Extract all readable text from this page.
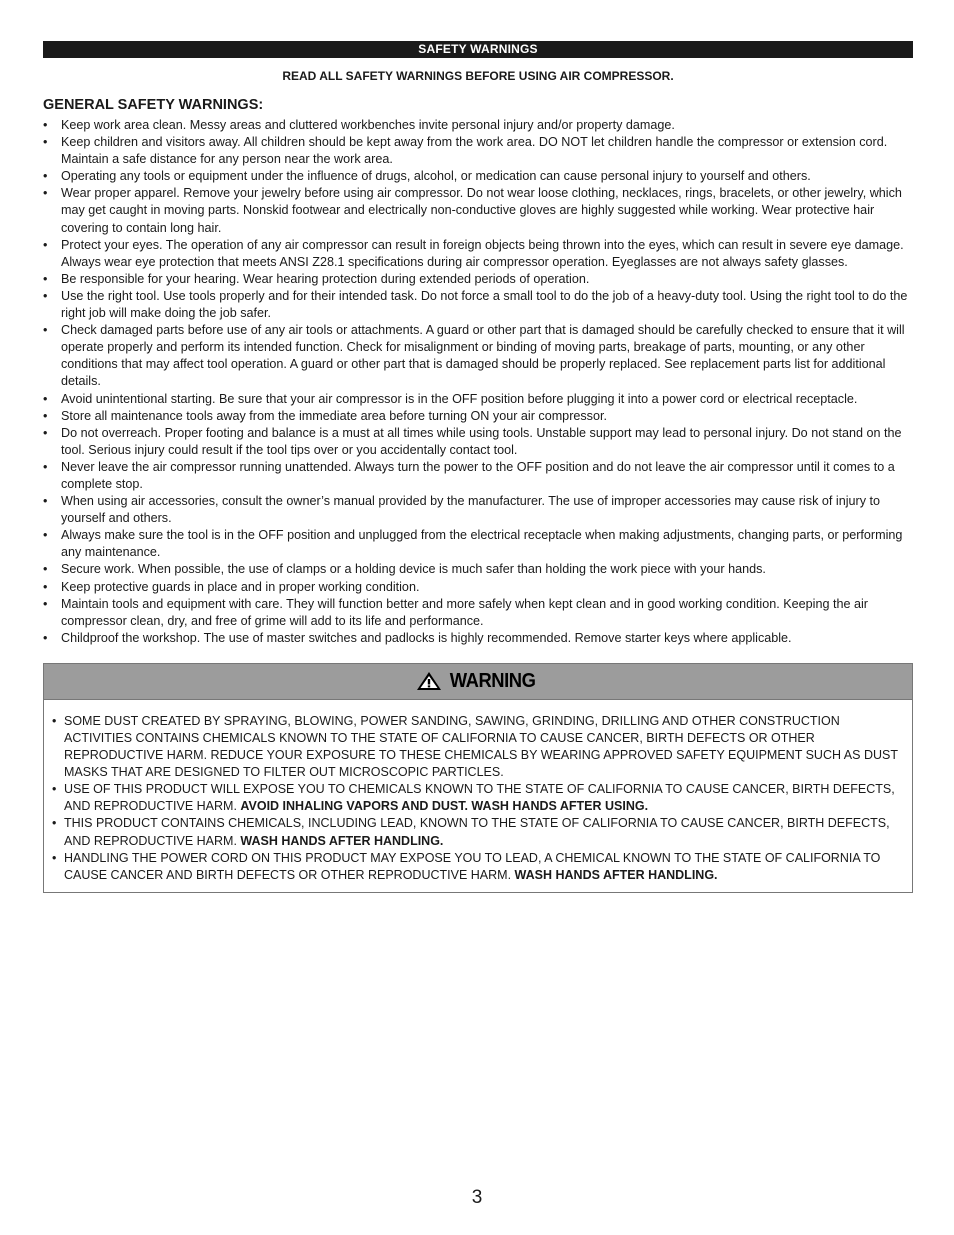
SAFETY WARNINGS
READ ALL SAFETY WARNINGS BEFORE USING AIR COMPRESSOR.
GENERAL SAFETY WARNINGS:
• Keep work area clean. Messy areas and cluttered workbenches invite personal injury and/or property damage.
• Keep children and visitors away. All children should be kept away from the work area. DO NOT let children handle the compressor or extension cord. Maintain a safe distance for any person near the work area.
• Operating any tools or equipment under the influence of drugs, alcohol, or medication can cause personal injury to yourself and others.
• Wear proper apparel. Remove your jewelry before using air compressor. Do not wear loose clothing, necklaces, rings, bracelets, or other jewelry, which may get caught in moving parts. Nonskid footwear and electrically non-conductive gloves are highly suggested while working. Wear protective hair covering to contain long hair.
• Protect your eyes. The operation of any air compressor can result in foreign objects being thrown into the eyes, which can result in severe eye damage. Always wear eye protection that meets ANSI Z28.1 specifications during air compressor operation. Eyeglasses are not always safety glasses.
• Be responsible for your hearing. Wear hearing protection during extended periods of operation.
• Use the right tool. Use tools properly and for their intended task. Do not force a small tool to do the job of a heavy-duty tool. Using the right tool to do the right job will make doing the job safer.
• Check damaged parts before use of any air tools or attachments. A guard or other part that is damaged should be carefully checked to ensure that it will operate properly and perform its intended function. Check for misalignment or binding of moving parts, breakage of parts, mounting, or any other conditions that may affect tool operation. A guard or other part that is damaged should be properly replaced. See replacement parts list for additional details.
• Avoid unintentional starting. Be sure that your air compressor is in the OFF position before plugging it into a power cord or electrical receptacle.
• Store all maintenance tools away from the immediate area before turning ON your air compressor.
• Do not overreach. Proper footing and balance is a must at all times while using tools. Unstable support may lead to personal injury. Do not stand on the tool. Serious injury could result if the tool tips over or you accidentally contact tool.
• Never leave the air compressor running unattended. Always turn the power to the OFF position and do not leave the air compressor until it comes to a complete stop.
• When using air accessories, consult the owner’s manual provided by the manufacturer. The use of improper accessories may cause risk of injury to yourself and others.
• Always make sure the tool is in the OFF position and unplugged from the electrical receptacle when making adjustments, changing parts, or performing any maintenance.
• Secure work. When possible, the use of clamps or a holding device is much safer than holding the work piece with your hands.
• Keep protective guards in place and in proper working condition.
• Maintain tools and equipment with care. They will function better and more safely when kept clean and in good working condition. Keeping the air compressor clean, dry, and free of grime will add to its life and performance.
• Childproof the workshop. The use of master switches and padlocks is highly recommended. Remove starter keys where applicable.
WARNING
• SOME DUST CREATED BY SPRAYING, BLOWING, POWER SANDING, SAWING, GRINDING, DRILLING AND OTHER CONSTRUCTION ACTIVITIES CONTAINS CHEMICALS KNOWN TO THE STATE OF CALIFORNIA TO CAUSE CANCER, BIRTH DEFECTS OR OTHER REPRODUCTIVE HARM. REDUCE YOUR EXPOSURE TO THESE CHEMICALS BY WEARING APPROVED SAFETY EQUIPMENT SUCH AS DUST MASKS THAT ARE DESIGNED TO FILTER OUT MICROSCOPIC PARTICLES.
• USE OF THIS PRODUCT WILL EXPOSE YOU TO CHEMICALS KNOWN TO THE STATE OF CALIFORNIA TO CAUSE CANCER, BIRTH DEFECTS, AND REPRODUCTIVE HARM. AVOID INHALING VAPORS AND DUST. WASH HANDS AFTER USING.
• THIS PRODUCT CONTAINS CHEMICALS, INCLUDING LEAD, KNOWN TO THE STATE OF CALIFORNIA TO CAUSE CANCER, BIRTH DEFECTS, AND REPRODUCTIVE HARM. WASH HANDS AFTER HANDLING.
• HANDLING THE POWER CORD ON THIS PRODUCT MAY EXPOSE YOU TO LEAD, A CHEMICAL KNOWN TO THE STATE OF CALIFORNIA TO CAUSE CANCER AND BIRTH DEFECTS OR OTHER REPRODUCTIVE HARM. WASH HANDS AFTER HANDLING.
3
